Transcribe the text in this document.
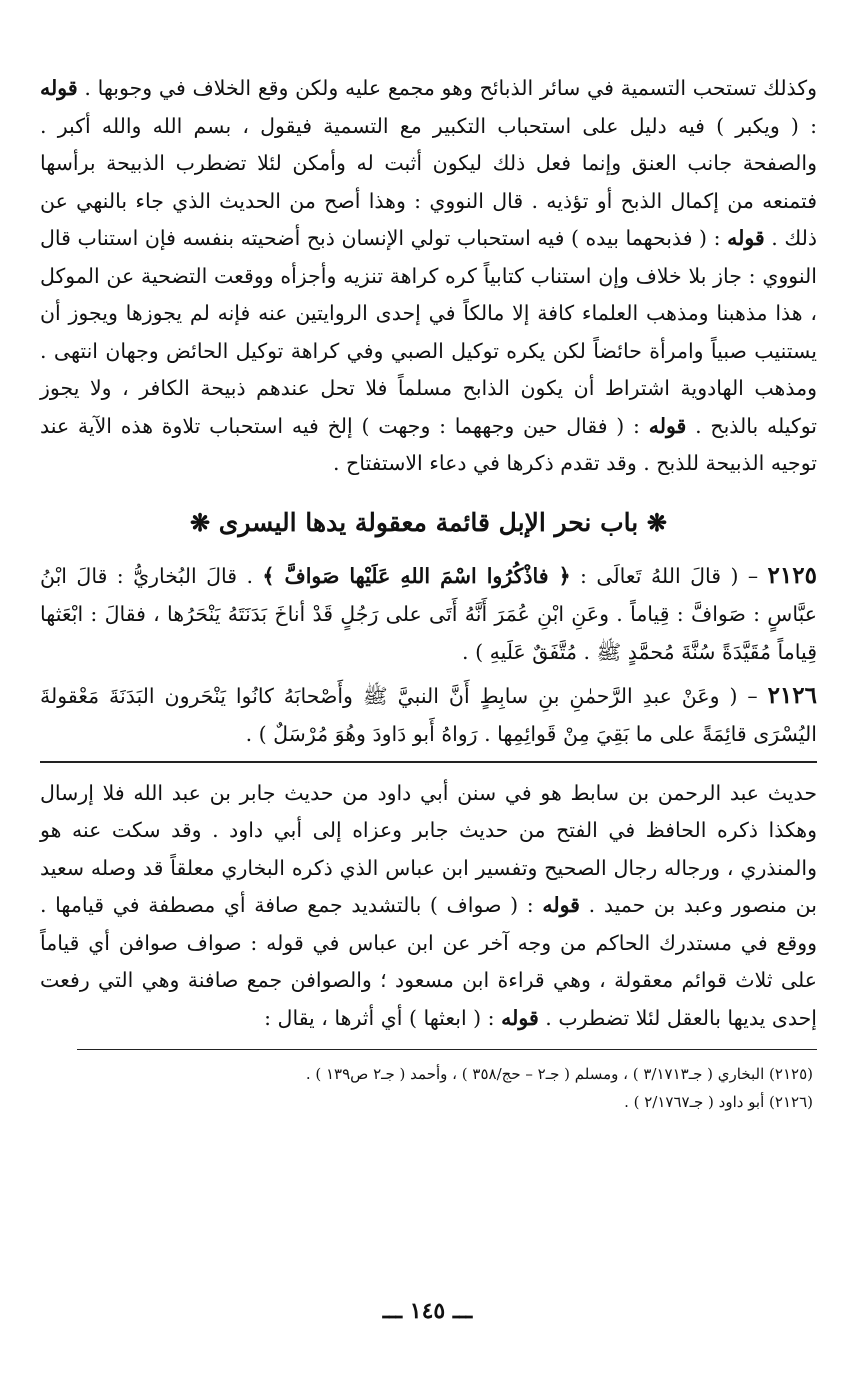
وكذلك تستحب التسمية في سائر الذبائح وهو مجمع عليه ولكن وقع الخلاف في وجوبها . قوله : ( ويكبر ) فيه دليل على استحباب التكبير مع التسمية فيقول ، بسم الله والله أكبر . والصفحة جانب العنق وإنما فعل ذلك ليكون أثبت له وأمكن لئلا تضطرب الذبيحة برأسها فتمنعه من إكمال الذبح أو تؤذيه . قال النووي : وهذا أصح من الحديث الذي جاء بالنهي عن ذلك . قوله : ( فذبحهما بيده ) فيه استحباب تولي الإنسان ذبح أضحيته بنفسه فإن استناب قال النووي : جاز بلا خلاف وإن استناب كتابياً كره كراهة تنزيه وأجزأه ووقعت التضحية عن الموكل ، هذا مذهبنا ومذهب العلماء كافة إلا مالكاً في إحدى الروايتين عنه فإنه لم يجوزها ويجوز أن يستنيب صبياً وامرأة حائضاً لكن يكره توكيل الصبي وفي كراهة توكيل الحائض وجهان انتهى . ومذهب الهادوية اشتراط أن يكون الذابح مسلماً فلا تحل عندهم ذبيحة الكافر ، ولا يجوز توكيله بالذبح . قوله : ( فقال حين وجههما : وجهت ) إلخ فيه استحباب تلاوة هذه الآية عند توجيه الذبيحة للذبح . وقد تقدم ذكرها في دعاء الاستفتاح .

❋ باب نحر الإبل قائمة معقولة يدها اليسرى ❋

٢١٢٥ – ( قالَ اللهُ تَعالَى : ﴿ فاذْكُرُوا اسْمَ اللهِ عَلَيْها صَوافَّ ﴾ . قالَ البُخاريُّ : قالَ ابْنُ عبَّاسٍ : صَوافَّ : قِياماً . وعَنِ ابْنِ عُمَرَ أَنَّهُ أَتَى على رَجُلٍ قَدْ أناخَ بَدَنَتَهُ يَنْحَرُها ، فقالَ : ابْعَثها قِياماً مُقَيَّدَةً سُنَّةَ مُحمَّدٍ ﷺ . مُتَّفَقٌ عَلَيهِ ) .

٢١٢٦ – ( وعَنْ عبدِ الرَّحمٰنِ بنِ سابِطٍ أَنَّ النبيَّ ﷺ وأَصْحابَهُ كانُوا يَنْحَرون البَدَنَةَ مَعْقولةَ اليُسْرَى قائِمَةً على ما بَقِيَ مِنْ قَوائِمِها . رَواهُ أَبو دَاودَ وهُوَ مُرْسَلٌ ) .

حديث عبد الرحمن بن سابط هو في سنن أبي داود من حديث جابر بن عبد الله فلا إرسال وهكذا ذكره الحافظ في الفتح من حديث جابر وعزاه إلى أبي داود . وقد سكت عنه هو والمنذري ، ورجاله رجال الصحيح وتفسير ابن عباس الذي ذكره البخاري معلقاً قد وصله سعيد بن منصور وعبد بن حميد . قوله : ( صواف ) بالتشديد جمع صافة أي مصطفة في قيامها . ووقع في مستدرك الحاكم من وجه آخر عن ابن عباس في قوله : صواف صوافن أي قياماً على ثلاث قوائم معقولة ، وهي قراءة ابن مسعود ؛ والصوافن جمع صافنة وهي التي رفعت إحدى يديها بالعقل لئلا تضطرب . قوله : ( ابعثها ) أي أثرها ، يقال :

(٢١٢٥) البخاري ( جـ٣/١٧١٣ ) ، ومسلم ( جـ٢ – حج/٣٥٨ ) ، وأحمد ( جـ٢ ص١٣٩ ) .

(٢١٢٦) أبو داود ( جـ٢/١٧٦٧ ) .

ـــ ١٤٥ ـــ
